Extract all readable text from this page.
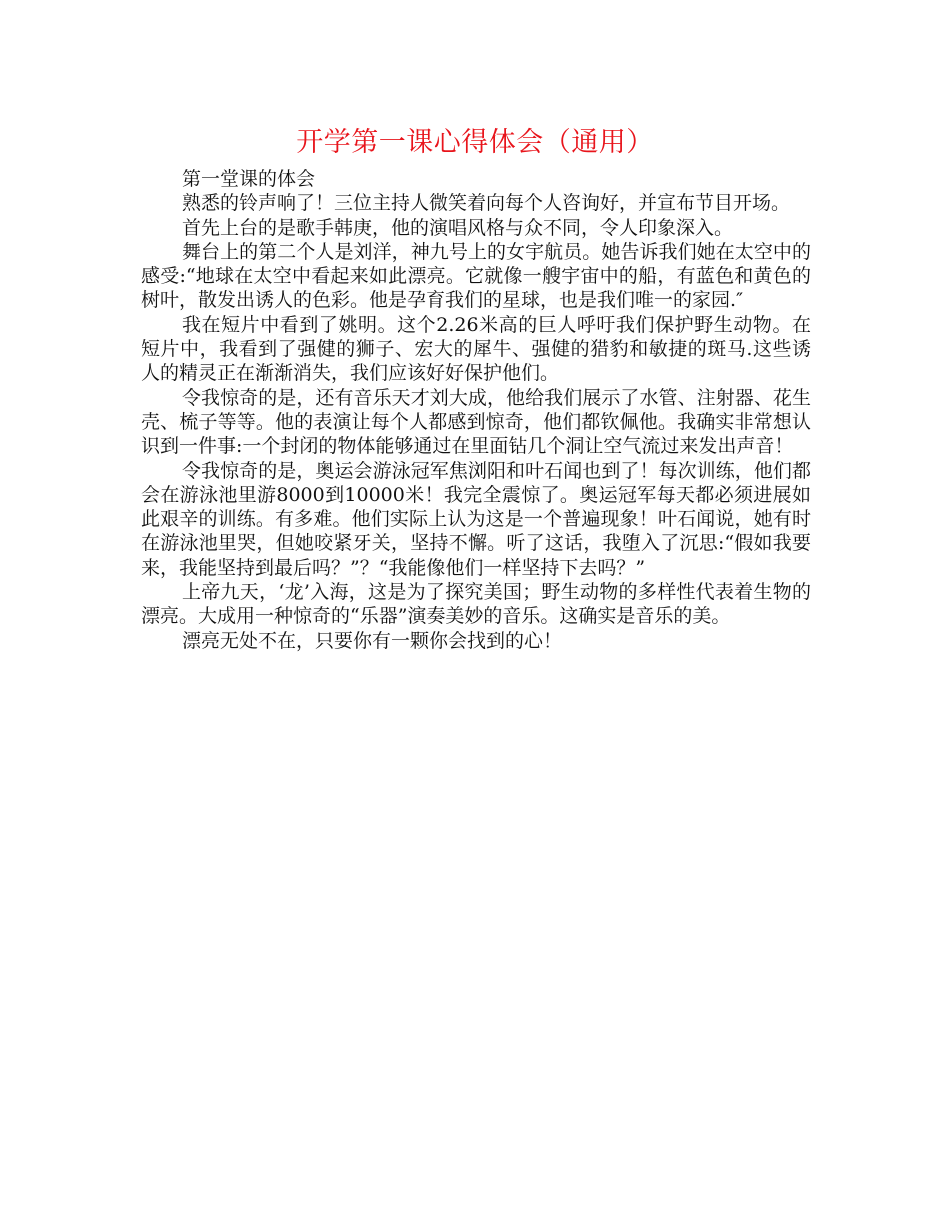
开学第一课心得体会（通用）

第一堂课的体会

熟悉的铃声响了！三位主持人微笑着向每个人咨询好，并宣布节目开场。

首先上台的是歌手韩庚，他的演唱风格与众不同，令人印象深入。

舞台上的第二个人是刘洋，神九号上的女宇航员。她告诉我们她在太空中的感受:“地球在太空中看起来如此漂亮。它就像一艘宇宙中的船，有蓝色和黄色的树叶，散发出诱人的色彩。他是孕育我们的星球，也是我们唯一的家园.″

我在短片中看到了姚明。这个2.26米高的巨人呼吁我们保护野生动物。在短片中，我看到了强健的狮子、宏大的犀牛、强健的猎豹和敏捷的斑马.这些诱人的精灵正在渐渐消失，我们应该好好保护他们。

令我惊奇的是，还有音乐天才刘大成，他给我们展示了水管、注射器、花生壳、梳子等等。他的表演让每个人都感到惊奇，他们都钦佩他。我确实非常想认识到一件事:一个封闭的物体能够通过在里面钻几个洞让空气流过来发出声音！

令我惊奇的是，奥运会游泳冠军焦浏阳和叶石闻也到了！每次训练，他们都会在游泳池里游8000到10000米！我完全震惊了。奥运冠军每天都必须进展如此艰辛的训练。有多难。他们实际上认为这是一个普遍现象！叶石闻说，她有时在游泳池里哭，但她咬紧牙关，坚持不懈。听了这话，我堕入了沉思:“假如我要来，我能坚持到最后吗？”？“我能像他们一样坚持下去吗？”

上帝九天，‘龙’入海，这是为了探究美国；野生动物的多样性代表着生物的漂亮。大成用一种惊奇的“乐器”演奏美妙的音乐。这确实是音乐的美。

漂亮无处不在，只要你有一颗你会找到的心！
